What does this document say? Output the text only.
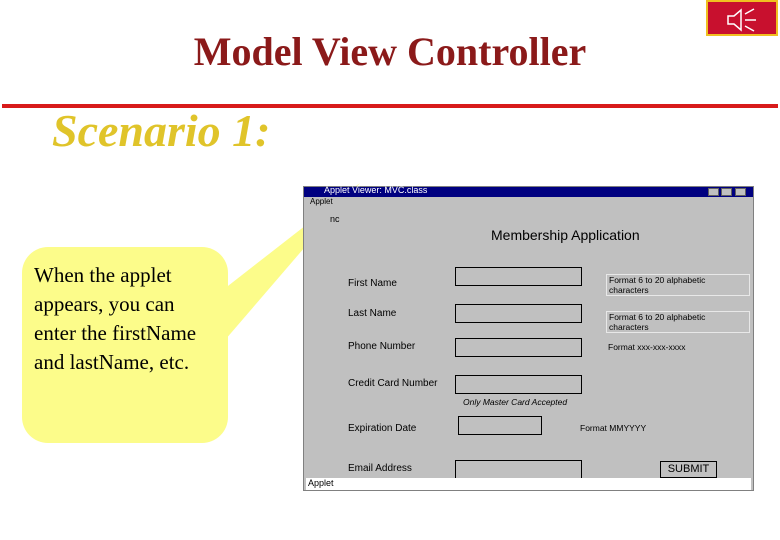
Model View Controller
Scenario 1:
When the applet appears, you can enter the firstName and lastName, etc.
Applet Viewer: MVC.class
Applet
nc
Membership Application
First Name	Format 6 to 20 alphabetic characters
Last Name	Format 6 to 20 alphabetic characters
Phone Number	Format xxx-xxx-xxxx
Credit Card Number
Only Master Card Accepted
Expiration Date	Format MMYYYY
Email Address	SUBMIT
Applet
